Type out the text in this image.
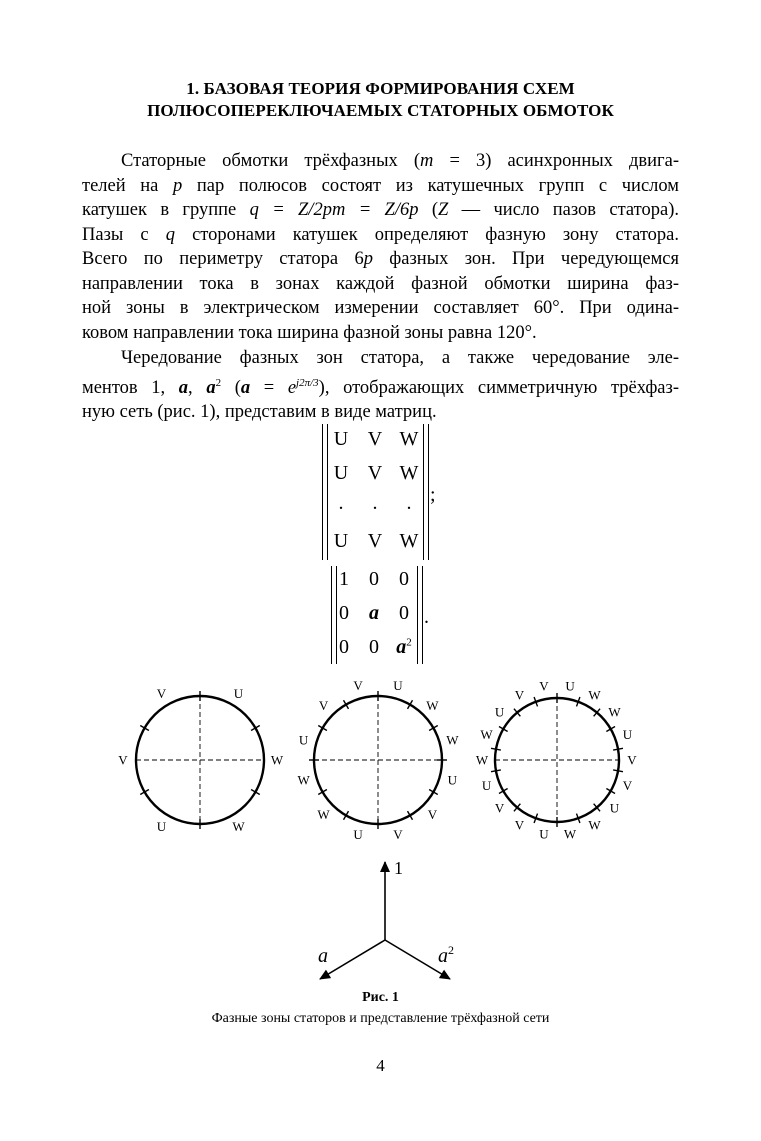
1. БАЗОВАЯ ТЕОРИЯ ФОРМИРОВАНИЯ СХЕМ
ПОЛЮСОПЕРЕКЛЮЧАЕМЫХ СТАТОРНЫХ ОБМОТОК
Статорные обмотки трёхфазных (m = 3) асинхронных двига-
телей на p пар полюсов состоят из катушечных групп с числом
катушек в группе q = Z/2pm = Z/6p (Z — число пазов статора).
Пазы с q сторонами катушек определяют фазную зону статора.
Всего по периметру статора 6p фазных зон. При чередующемся
направлении тока в зонах каждой фазной обмотки ширина фаз-
ной зоны в электрическом измерении составляет 60°. При одина-
ковом направлении тока ширина фазной зоны равна 120°.
Чередование фазных зон статора, а также чередование эле-
ментов 1, a, $a^2$ $(a = e^{j2\pi/3})$, отображающих симметричную трёхфаз-
ную сеть (рис. 1), представим в виде матриц.
U V W
U V W
.	.	.
U V W
;
1	0	0
0	a	0
0	0 $a^2$
.
V	U
W
W
U
V
V U
W
W
U
V
V
U
W
W
U
V
V U
W
W
U
V
V
U
W
W
U
V
V
U
W
W
U
V
1
a	$a^2$
Рис. 1
Фазные зоны статоров и представление трёхфазной сети
4
